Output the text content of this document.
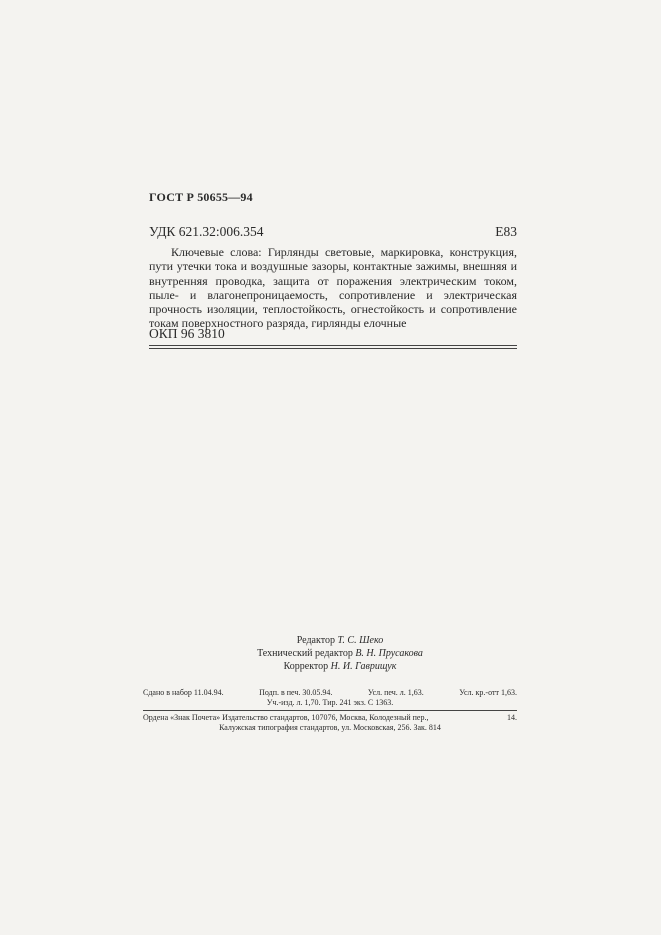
ГОСТ Р 50655—94
УДК 621.32:006.354	Е83
Ключевые слова: Гирлянды световые, маркировка, конструкция, пути утечки тока и воздушные зазоры, контактные зажимы, внешняя и внутренняя проводка, защита от поражения электрическим током, пыле- и влагонепроницаемость, сопротивление и электрическая прочность изоляции, теплостойкость, огнестойкость и сопротивление токам поверхностного разряда, гирлянды елочные
ОКП 96 3810
Редактор Т. С. Шеко
Технический редактор В. Н. Прусакова
Корректор Н. И. Гаврищук
Сдано в набор 11.04.94.	Подп. в печ. 30.05.94.	Усл. печ. л. 1,63.	Усл. кр.-отт 1,63.
Уч.-изд. л. 1,70. Тир. 241 экз. С 1363.
Ордена «Знак Почета» Издательство стандартов, 107076, Москва, Колодезный пер.,	14.
Калужская типография стандартов, ул. Московская, 256. Зак. 814
